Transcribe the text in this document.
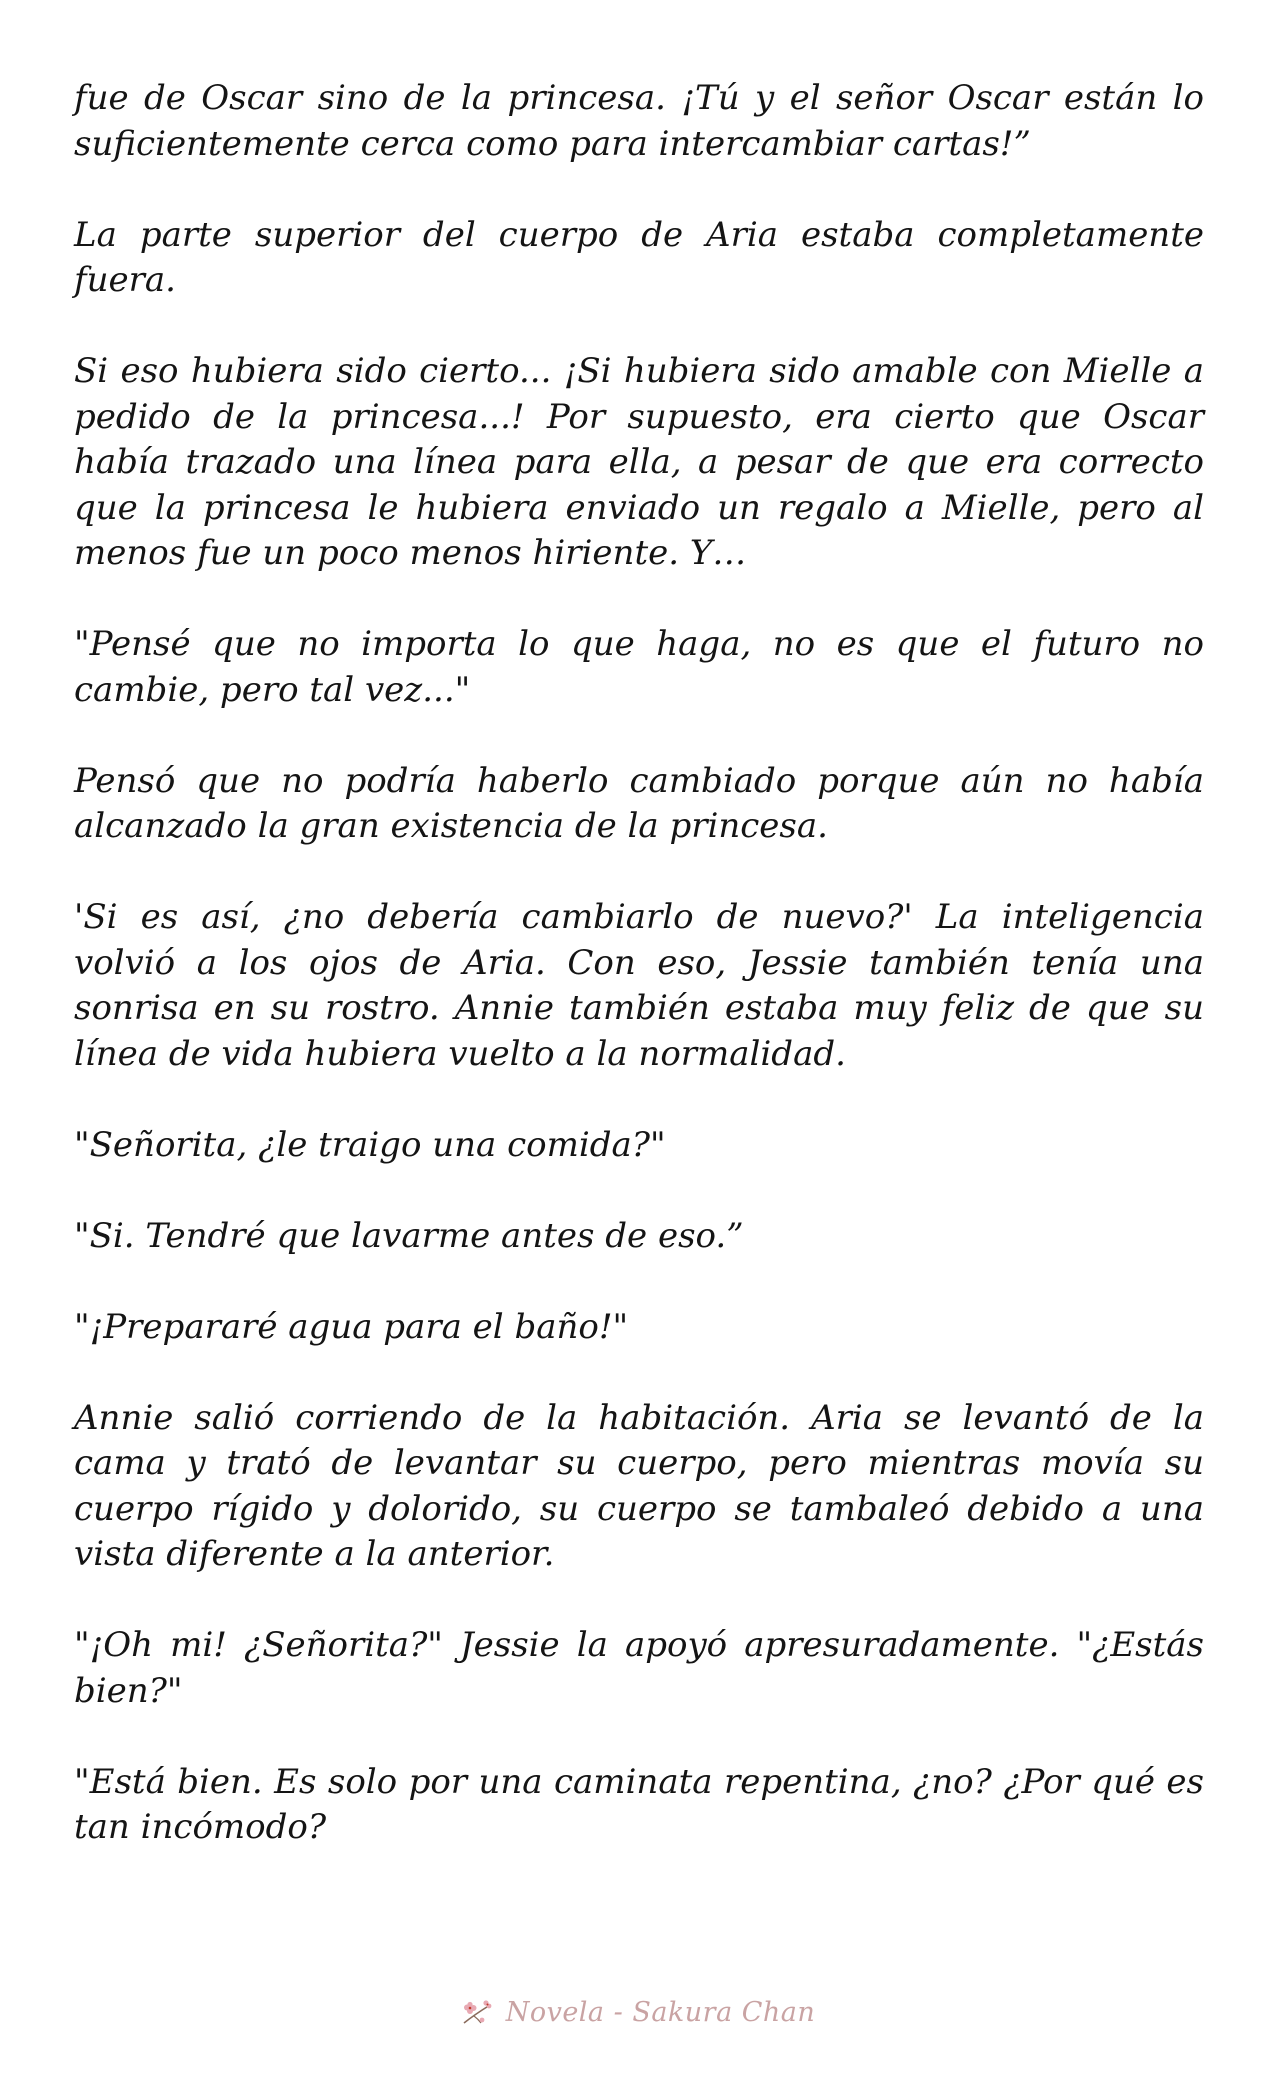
fue de Oscar sino de la princesa. ¡Tú y el señor Oscar están lo suficientemente cerca como para intercambiar cartas!”

La parte superior del cuerpo de Aria estaba completamente fuera.

Si eso hubiera sido cierto... ¡Si hubiera sido amable con Mielle a pedido de la princesa...! Por supuesto, era cierto que Oscar había trazado una línea para ella, a pesar de que era correcto que la princesa le hubiera enviado un regalo a Mielle, pero al menos fue un poco menos hiriente. Y…

"Pensé que no importa lo que haga, no es que el futuro no cambie, pero tal vez..."

Pensó que no podría haberlo cambiado porque aún no había alcanzado la gran existencia de la princesa.

'Si es así, ¿no debería cambiarlo de nuevo?' La inteligencia volvió a los ojos de Aria. Con eso, Jessie también tenía una sonrisa en su rostro. Annie también estaba muy feliz de que su línea de vida hubiera vuelto a la normalidad.

"Señorita, ¿le traigo una comida?"

"Si. Tendré que lavarme antes de eso.”

"¡Prepararé agua para el baño!"

Annie salió corriendo de la habitación. Aria se levantó de la cama y trató de levantar su cuerpo, pero mientras movía su cuerpo rígido y dolorido, su cuerpo se tambaleó debido a una vista diferente a la anterior.

"¡Oh mi! ¿Señorita?" Jessie la apoyó apresuradamente. "¿Estás bien?"

"Está bien. Es solo por una caminata repentina, ¿no? ¿Por qué es tan incómodo?

Novela - Sakura Chan
